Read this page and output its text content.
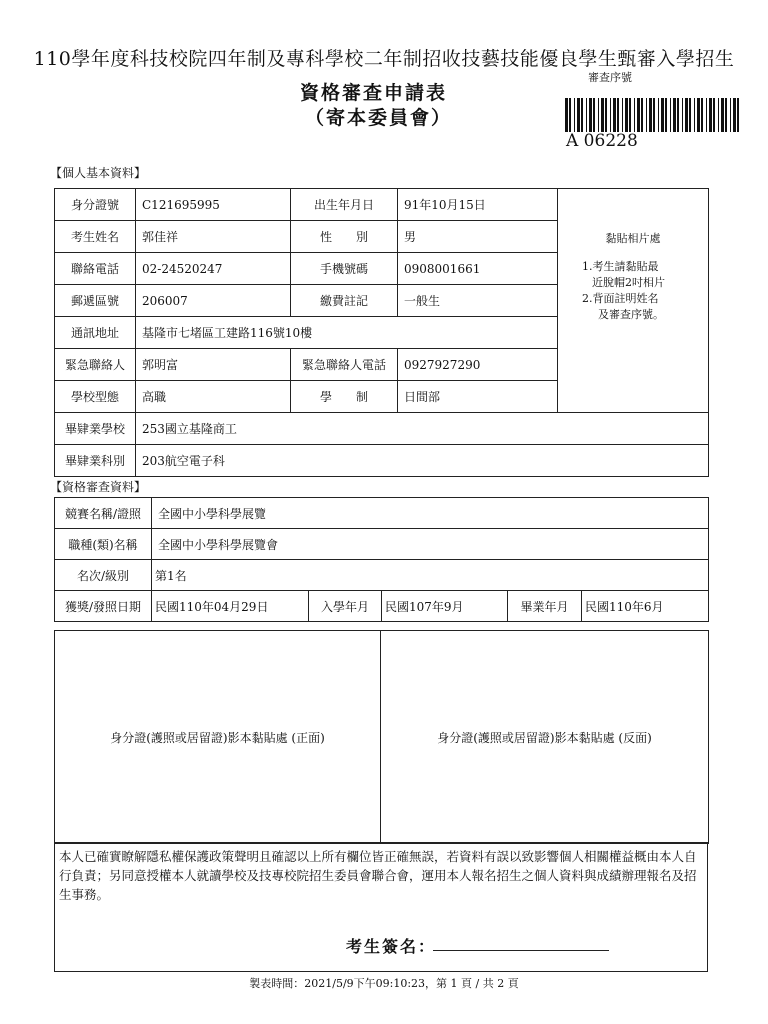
110學年度科技校院四年制及專科學校二年制招收技藝技能優良學生甄審入學招生
資格審查申請表
（寄本委員會）
審查序號
A 06228
【個人基本資料】
身分證號	C121695995	出生年月日	91年10月15日	黏貼相片處
1.考生請黏貼最
近脫帽2吋相片
2.背面註明姓名
及審查序號。

考生姓名	郭佳祥	性　　別	男	
聯絡電話	02-24520247	手機號碼	0908001661	
郵遞區號	206007	繳費註記	一般生	
通訊地址	基隆市七堵區工建路116號10樓			
緊急聯絡人	郭明富	緊急聯絡人電話	0927927290	
學校型態	高職	學　　制	日間部	
畢肄業學校	253國立基隆商工			
畢肄業科別	203航空電子科			
【資格審查資料】
競賽名稱/證照	全國中小學科學展覽				
職種(類)名稱	全國中小學科學展覽會				
名次/級別	第1名				
獲獎/發照日期	民國110年04月29日	入學年月	民國107年9月	畢業年月	民國110年6月
身分證(護照或居留證)影本黏貼處 (正面)	身分證(護照或居留證)影本黏貼處 (反面)
本人已確實瞭解隱私權保護政策聲明且確認以上所有欄位皆正確無誤，若資料有誤以致影響個人相關權益概由本人自行負責；另同意授權本人就讀學校及技專校院招生委員會聯合會，運用本人報名招生之個人資料與成績辦理報名及招生事務。
考生簽名：
製表時間：2021/5/9下午09:10:23，第 1 頁 / 共 2 頁
